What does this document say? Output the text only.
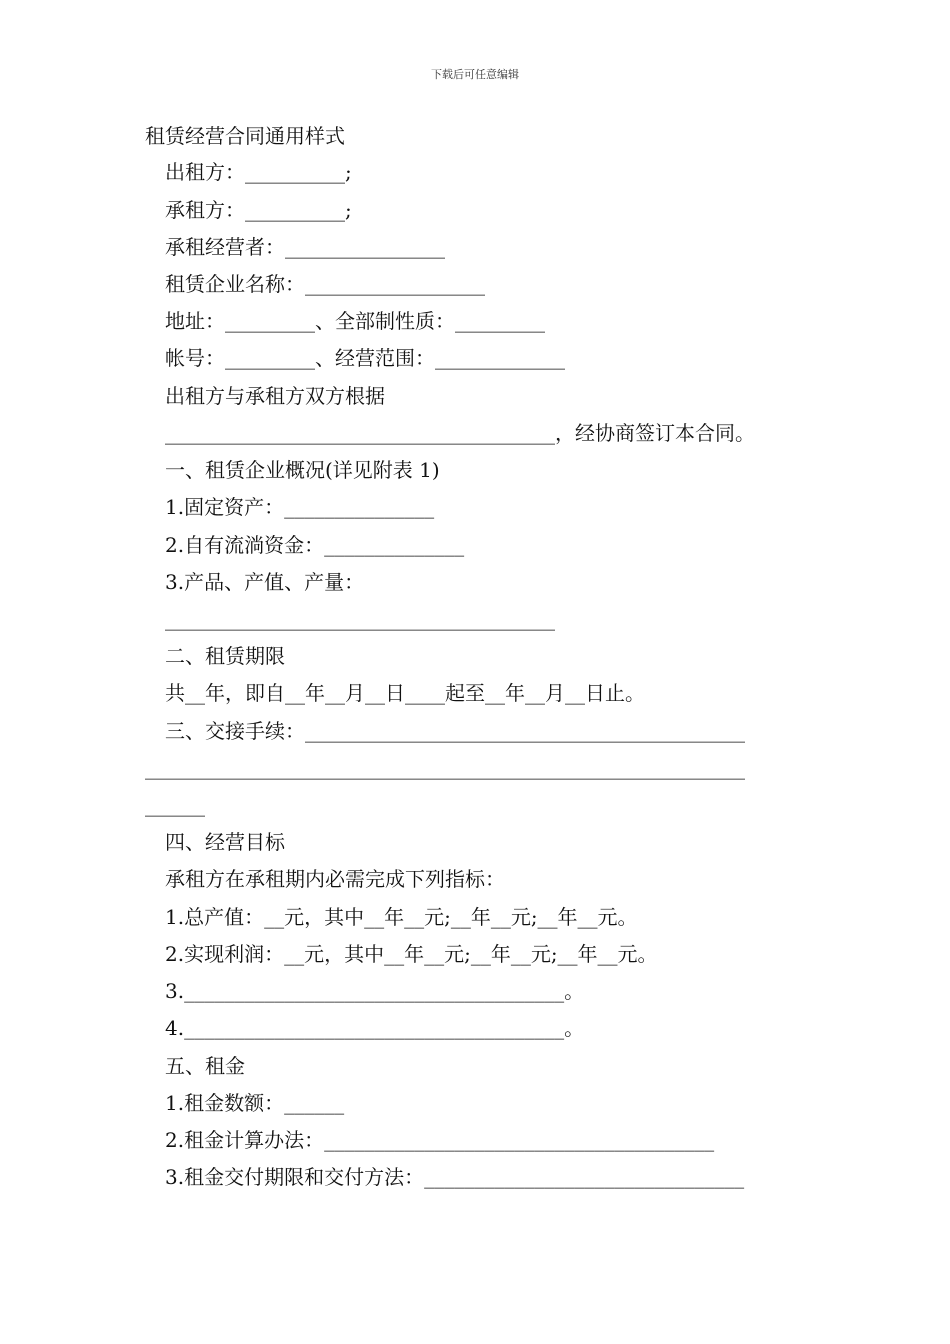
下载后可任意编辑
租赁经营合同通用样式
出租方：__________;
承租方：__________;
承租经营者：________________
租赁企业名称：__________________
地址：_________、全部制性质：_________
帐号：_________、经营范围：_____________
出租方与承租方双方根据
_______________________________________，经协商签订本合同。
一、租赁企业概况(详见附表 1)
1.固定资产：_______________
2.自有流淌资金：______________
3.产品、产值、产量：
_______________________________________
二、租赁期限
共__年，即自__年__月__日____起至__年__月__日止。
三、交接手续：____________________________________________
____________________________________________________________
______
四、经营目标
承租方在承租期内必需完成下列指标：
1.总产值：__元，其中__年__元;__年__元;__年__元。
2.实现利润：__元，其中__年__元;__年__元;__年__元。
3.______________________________________。
4.______________________________________。
五、租金
1.租金数额：______
2.租金计算办法：_______________________________________
3.租金交付期限和交付方法：________________________________
